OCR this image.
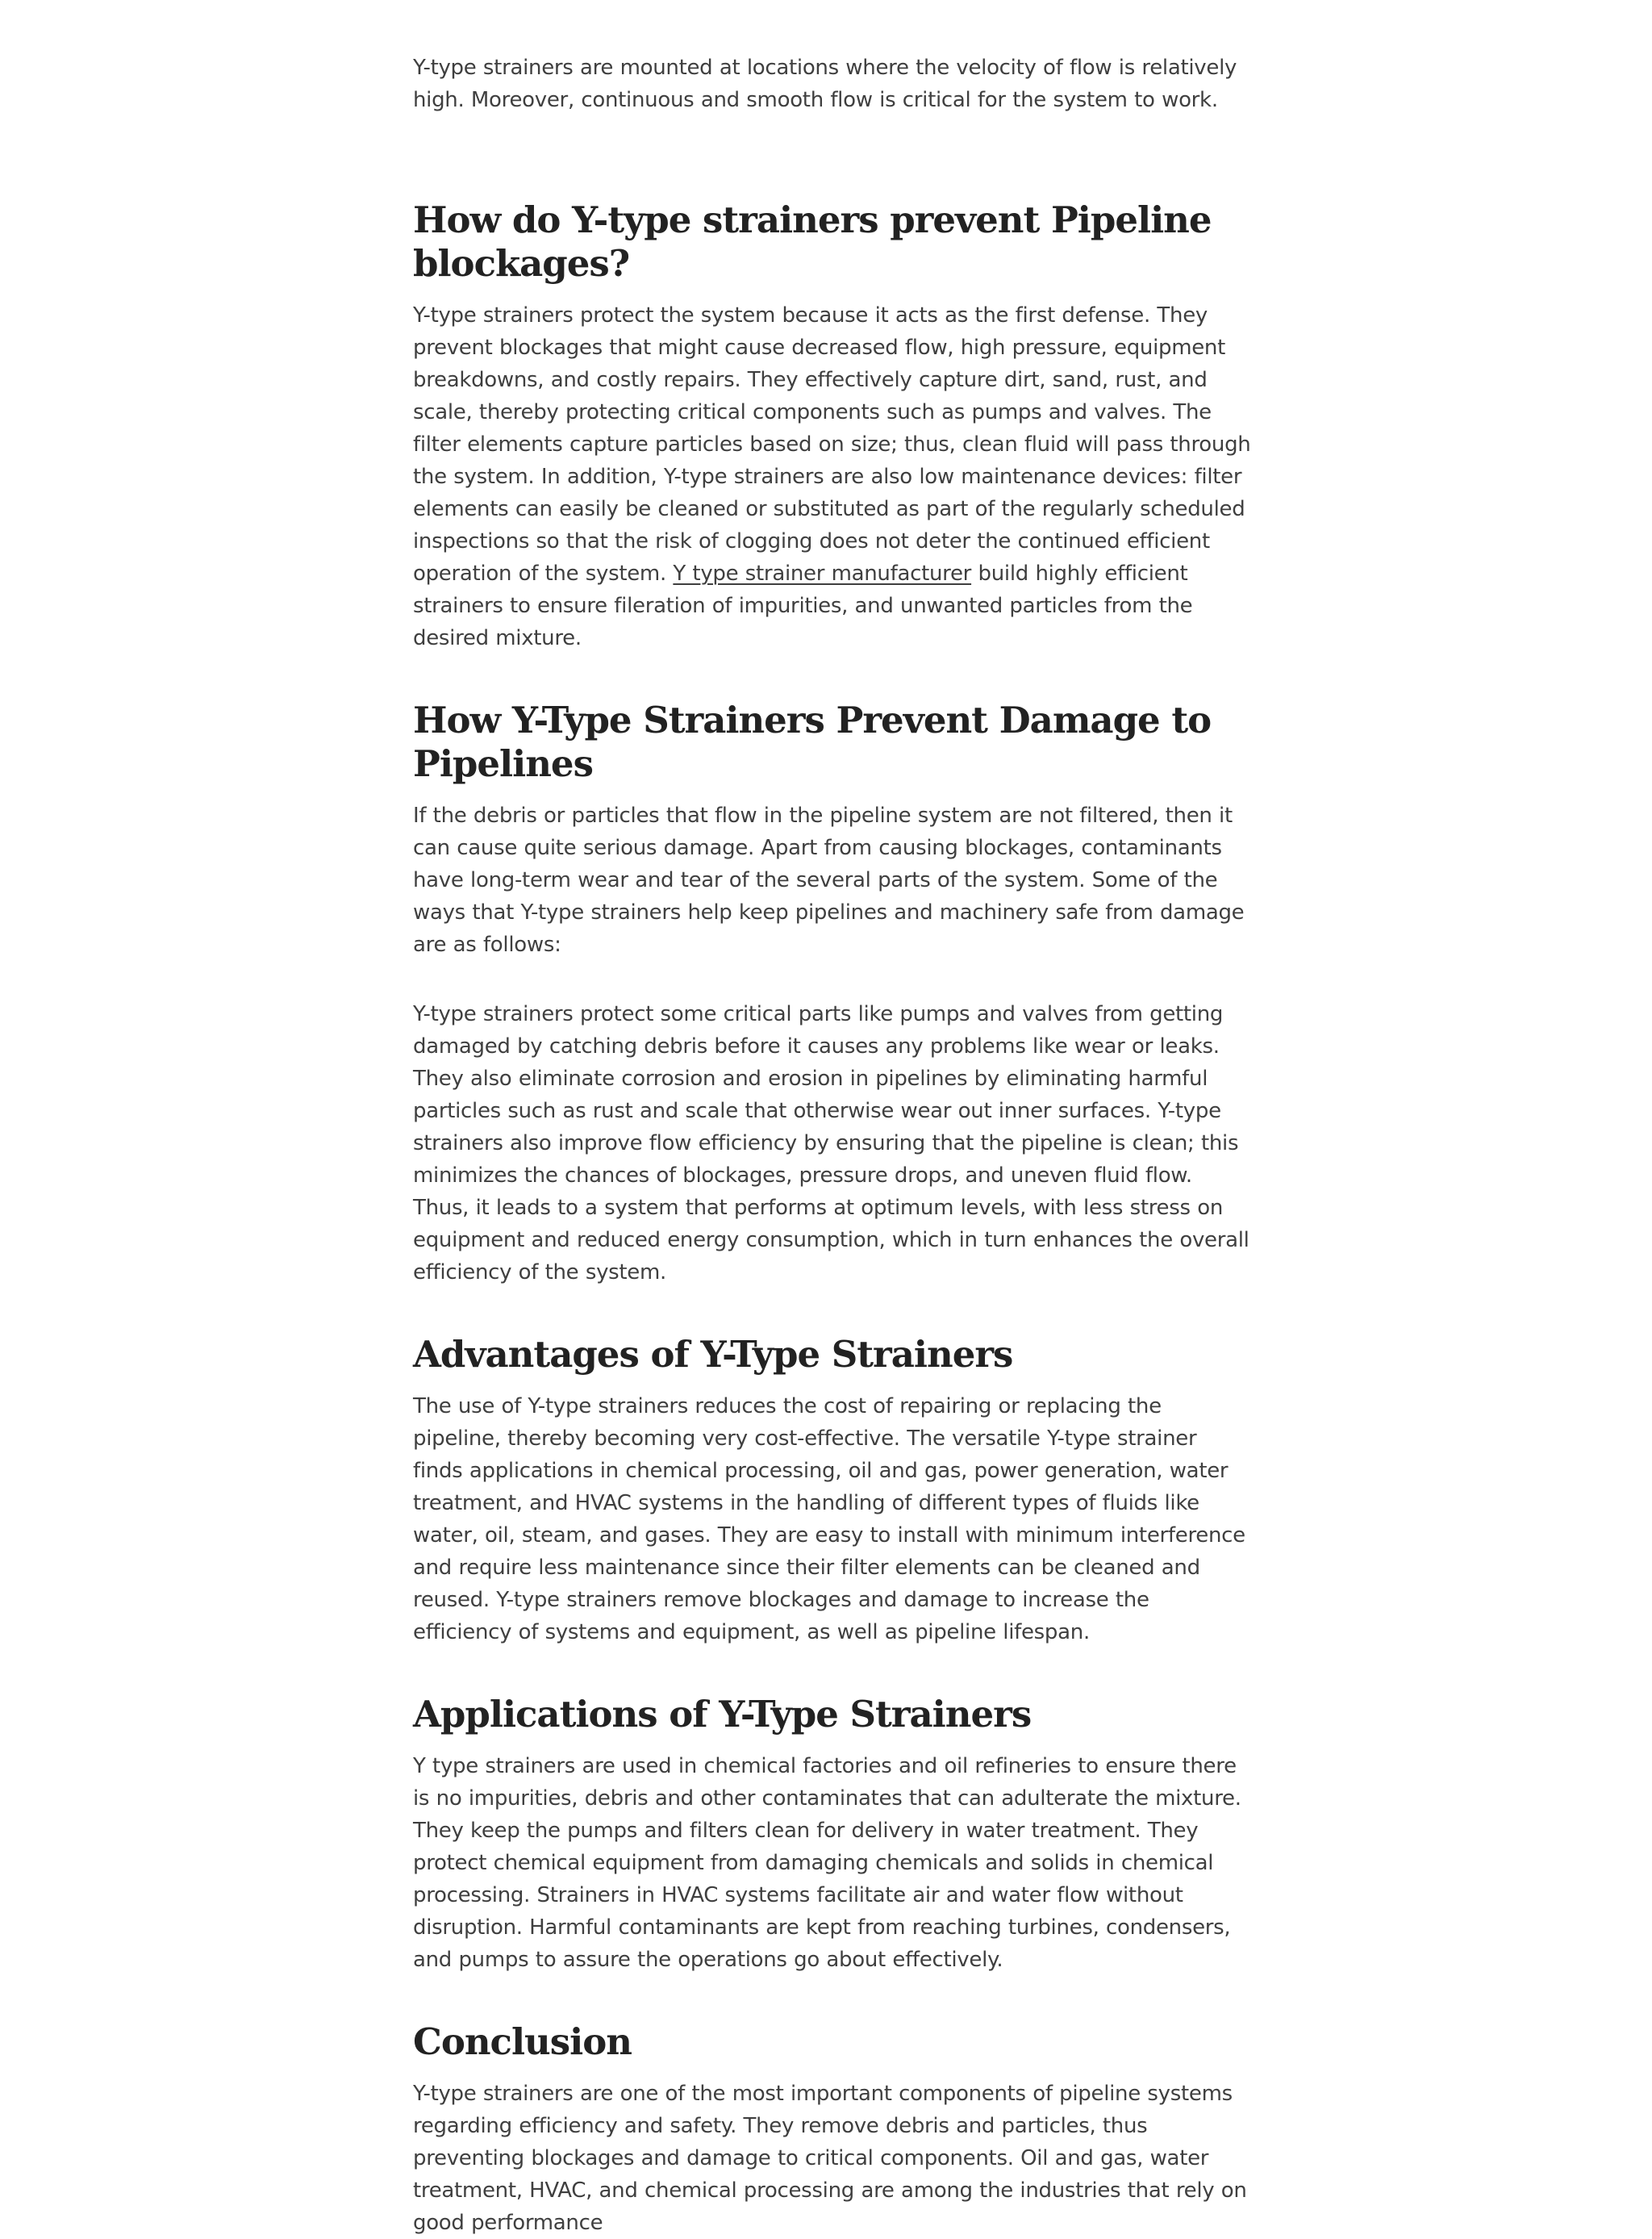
Y-type strainers are mounted at locations where the velocity of flow is relatively high. Moreover, continuous and smooth flow is critical for the system to work.

How do Y-type strainers prevent Pipeline blockages?

Y-type strainers protect the system because it acts as the first defense. They prevent blockages that might cause decreased flow, high pressure, equipment breakdowns, and costly repairs. They effectively capture dirt, sand, rust, and scale, thereby protecting critical components such as pumps and valves. The filter elements capture particles based on size; thus, clean fluid will pass through the system. In addition, Y-type strainers are also low maintenance devices: filter elements can easily be cleaned or substituted as part of the regularly scheduled inspections so that the risk of clogging does not deter the continued efficient operation of the system. Y type strainer manufacturer build highly efficient strainers to ensure fileration of impurities, and unwanted particles from the desired mixture.

How Y-Type Strainers Prevent Damage to Pipelines

If the debris or particles that flow in the pipeline system are not filtered, then it can cause quite serious damage. Apart from causing blockages, contaminants have long-term wear and tear of the several parts of the system. Some of the ways that Y-type strainers help keep pipelines and machinery safe from damage are as follows:

Y-type strainers protect some critical parts like pumps and valves from getting damaged by catching debris before it causes any problems like wear or leaks. They also eliminate corrosion and erosion in pipelines by eliminating harmful particles such as rust and scale that otherwise wear out inner surfaces. Y-type strainers also improve flow efficiency by ensuring that the pipeline is clean; this minimizes the chances of blockages, pressure drops, and uneven fluid flow. Thus, it leads to a system that performs at optimum levels, with less stress on equipment and reduced energy consumption, which in turn enhances the overall efficiency of the system.

Advantages of Y-Type Strainers

The use of Y-type strainers reduces the cost of repairing or replacing the pipeline, thereby becoming very cost-effective. The versatile Y-type strainer finds applications in chemical processing, oil and gas, power generation, water treatment, and HVAC systems in the handling of different types of fluids like water, oil, steam, and gases. They are easy to install with minimum interference and require less maintenance since their filter elements can be cleaned and reused. Y-type strainers remove blockages and damage to increase the efficiency of systems and equipment, as well as pipeline lifespan.

Applications of Y-Type Strainers

Y type strainers are used in chemical factories and oil refineries to ensure there is no impurities, debris and other contaminates that can adulterate the mixture. They keep the pumps and filters clean for delivery in water treatment. They protect chemical equipment from damaging chemicals and solids in chemical processing. Strainers in HVAC systems facilitate air and water flow without disruption. Harmful contaminants are kept from reaching turbines, condensers, and pumps to assure the operations go about effectively.

Conclusion

Y-type strainers are one of the most important components of pipeline systems regarding efficiency and safety. They remove debris and particles, thus preventing blockages and damage to critical components. Oil and gas, water treatment, HVAC, and chemical processing are among the industries that rely on good performance
